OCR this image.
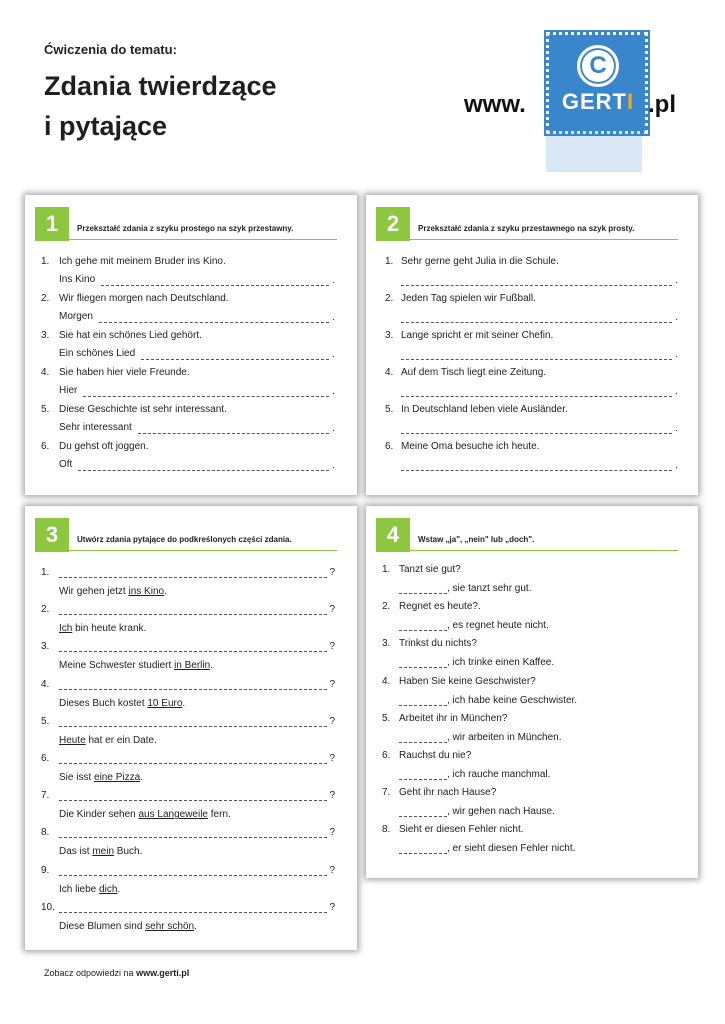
Ćwiczenia do tematu:
Zdania twierdzące
i pytające
C
GERTI
www.	.pl
1	Przekształć zdania z szyku prostego na szyk przestawny.
1. Ich gehe mit meinem Bruder ins Kino.
Ins Kino	.
2. Wir fliegen morgen nach Deutschland.
Morgen	.
3. Sie hat ein schönes Lied gehört.
Ein schönes Lied	.
4. Sie haben hier viele Freunde.
Hier	.
5. Diese Geschichte ist sehr interessant.
Sehr interessant	.
6. Du gehst oft joggen.
Oft	.
2	Przekształć zdania z szyku przestawnego na szyk prosty.
1. Sehr gerne geht Julia in die Schule.
.
2. Jeden Tag spielen wir Fußball.
.
3. Lange spricht er mit seiner Chefin.
.
4. Auf dem Tisch liegt eine Zeitung.
.
5. In Deutschland leben viele Ausländer.
.
6. Meine Oma besuche ich heute.
.
3	Utwórz zdania pytające do podkreślonych części zdania.
1.	?
Wir gehen jetzt ins Kino.
2.	?
Ich bin heute krank.
3.	?
Meine Schwester studiert in Berlin.
4.	?
Dieses Buch kostet 10 Euro.
5.	?
Heute hat er ein Date.
6.	?
Sie isst eine Pizza.
7.	?
Die Kinder sehen aus Langeweile fern.
8.	?
Das ist mein Buch.
9.	?
Ich liebe dich.
10.	?
Diese Blumen sind sehr schön.
4	Wstaw „ja", „nein" lub „doch".
1. Tanzt sie gut?
, sie tanzt sehr gut.
2. Regnet es heute?.
, es regnet heute nicht.
3. Trinkst du nichts?
, ich trinke einen Kaffee.
4. Haben Sie keine Geschwister?
, ich habe keine Geschwister.
5. Arbeitet ihr in München?
, wir arbeiten in München.
6. Rauchst du nie?
, ich rauche manchmal.
7. Geht ihr nach Hause?
, wir gehen nach Hause.
8. Sieht er diesen Fehler nicht.
, er sieht diesen Fehler nicht.
Zobacz odpowiedzi na www.gerti.pl
